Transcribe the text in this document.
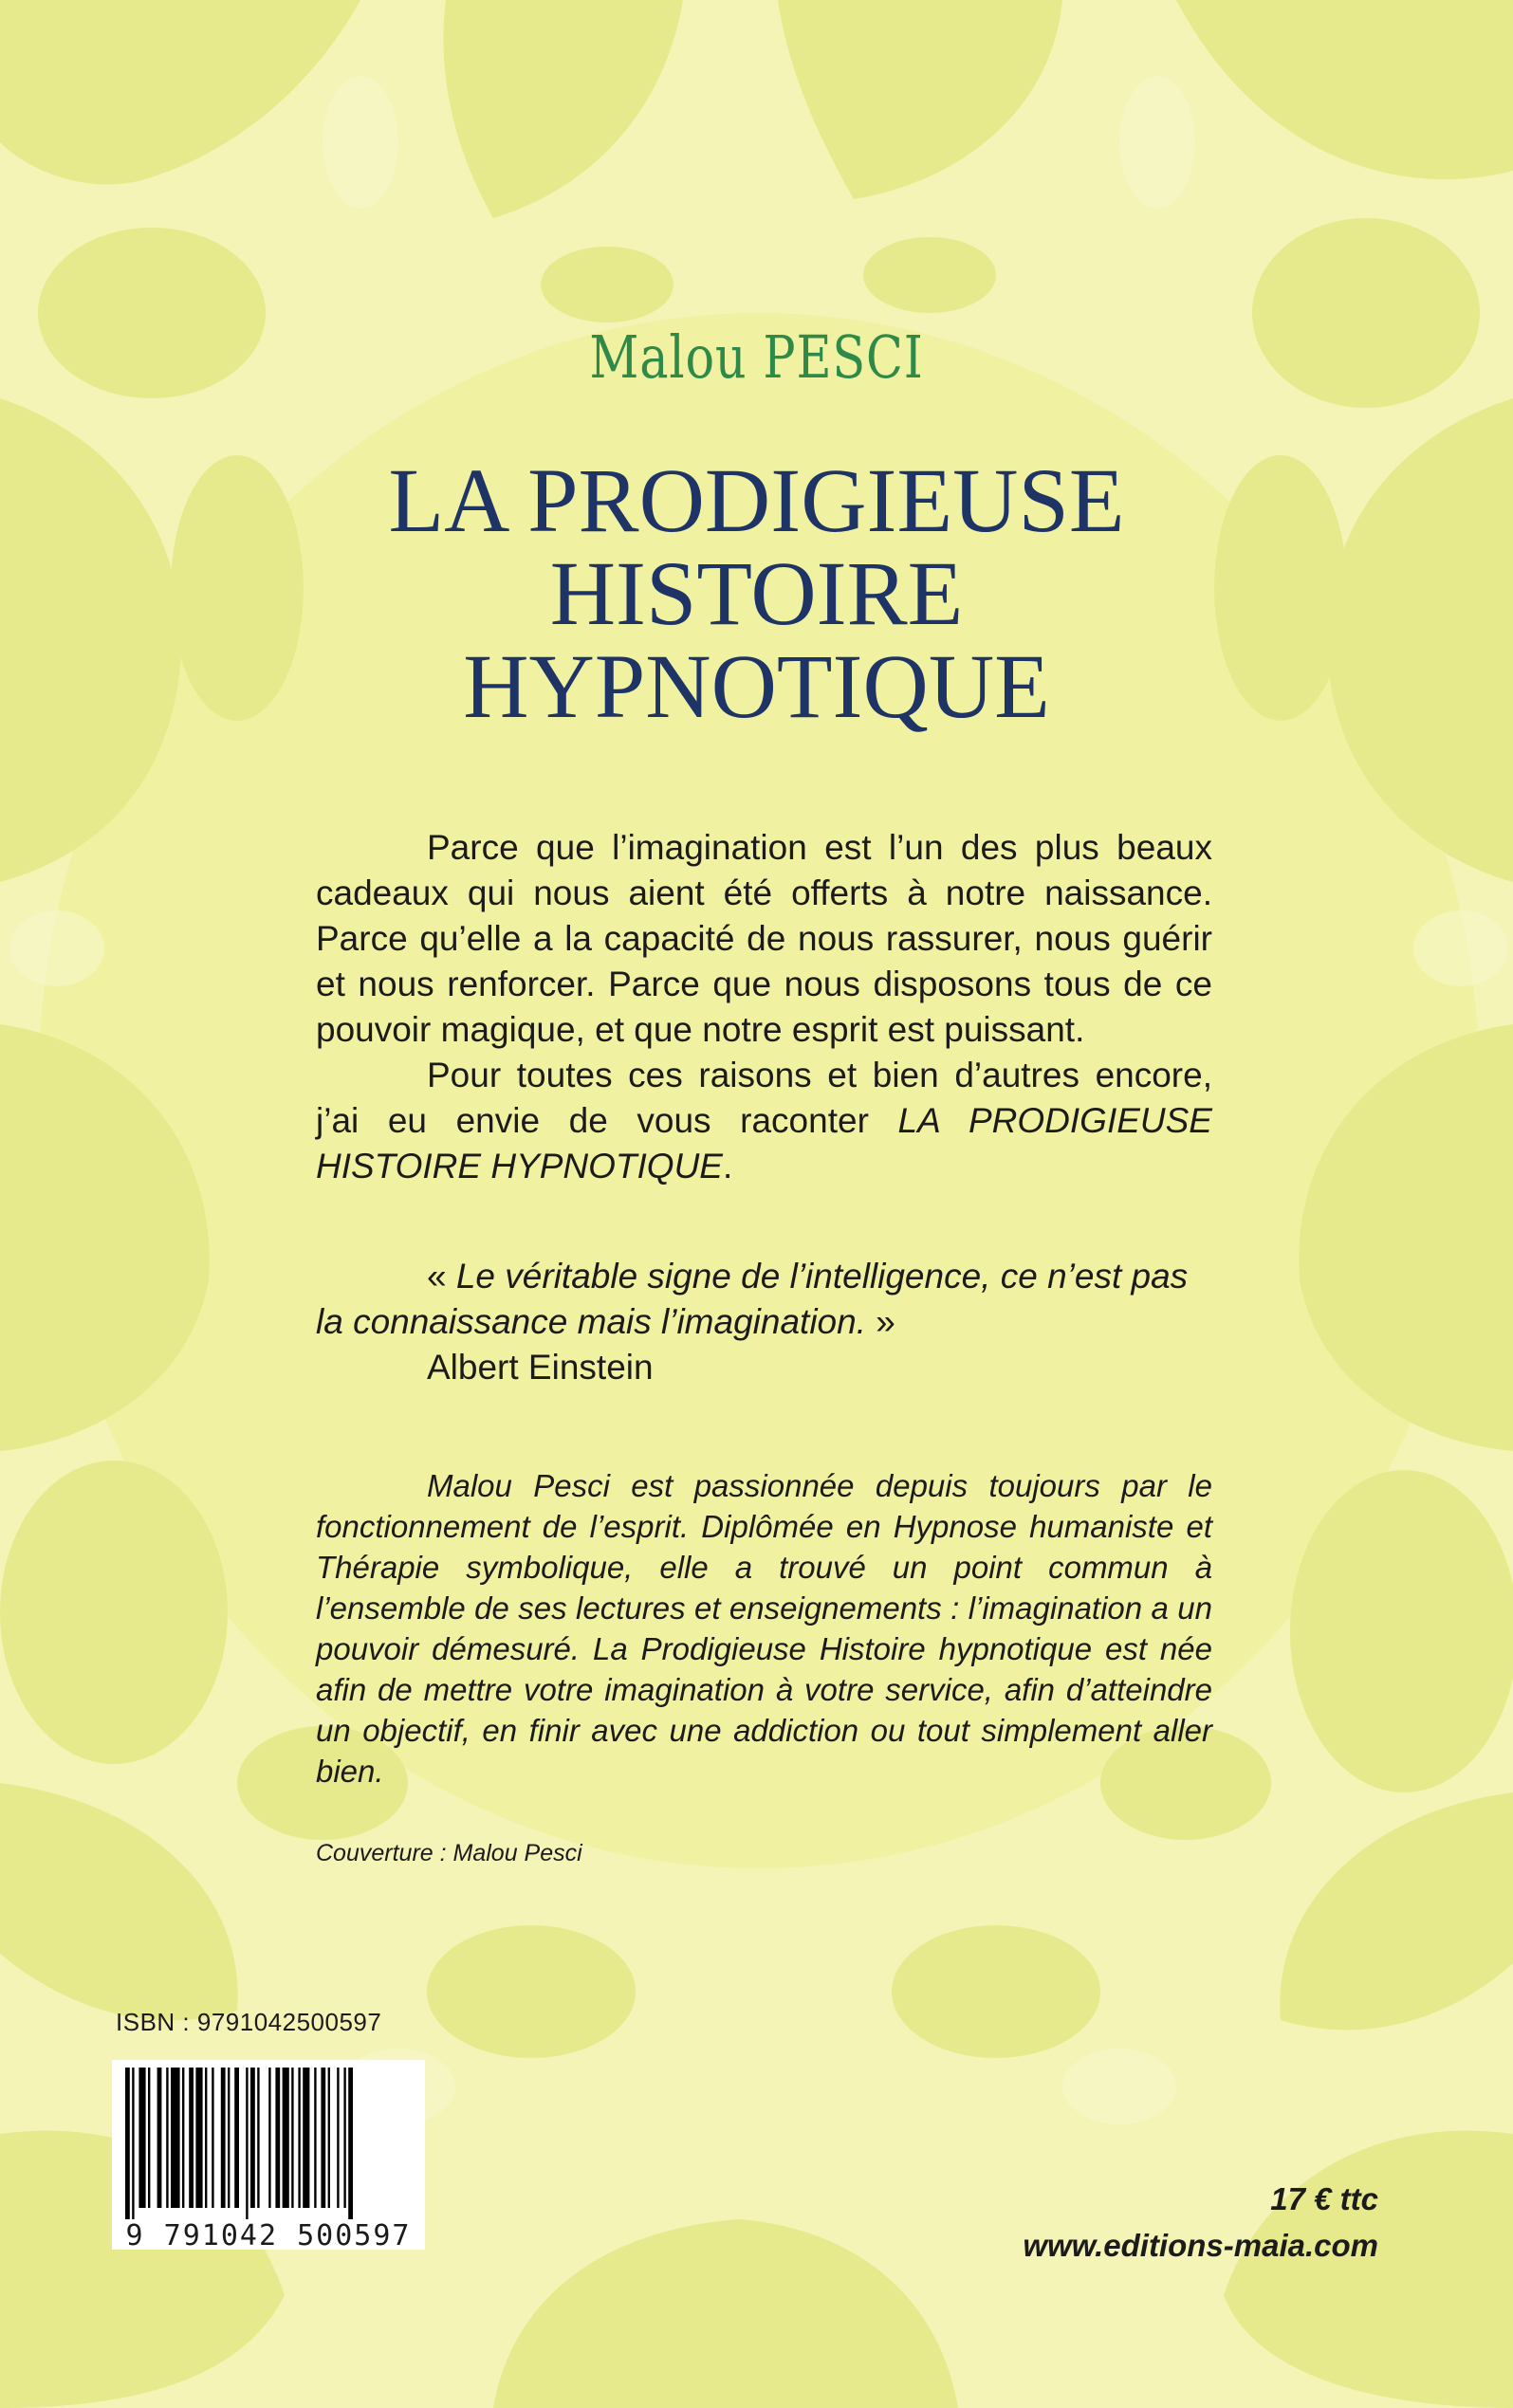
Malou PESCI
LA PRODIGIEUSE
HISTOIRE
HYPNOTIQUE

Parce que l’imagination est l’un des plus beaux cadeaux qui nous aient été offerts à notre naissance. Parce qu’elle a la capacité de nous rassurer, nous guérir et nous renforcer. Parce que nous disposons tous de ce pouvoir magique, et que notre esprit est puissant.

Pour toutes ces raisons et bien d’autres encore, j’ai eu envie de vous raconter LA PRODIGIEUSE HISTOIRE HYPNOTIQUE.

« Le véritable signe de l’intelligence, ce n’est pas la connaissance mais l’imagination. »
Albert Einstein
Malou Pesci est passionnée depuis toujours par le fonctionnement de l’esprit. Diplômée en Hypnose humaniste et Thérapie symbolique, elle a trouvé un point commun à l’ensemble de ses lectures et enseignements : l’imagination a un pouvoir démesuré. La Prodigieuse Histoire hypnotique est née afin de mettre votre imagination à votre service, afin d’atteindre un objectif, en finir avec une addiction ou tout simplement aller bien.
Couverture : Malou Pesci
ISBN : 9791042500597
9 791042 500597
17 € ttc
www.editions-maia.com
